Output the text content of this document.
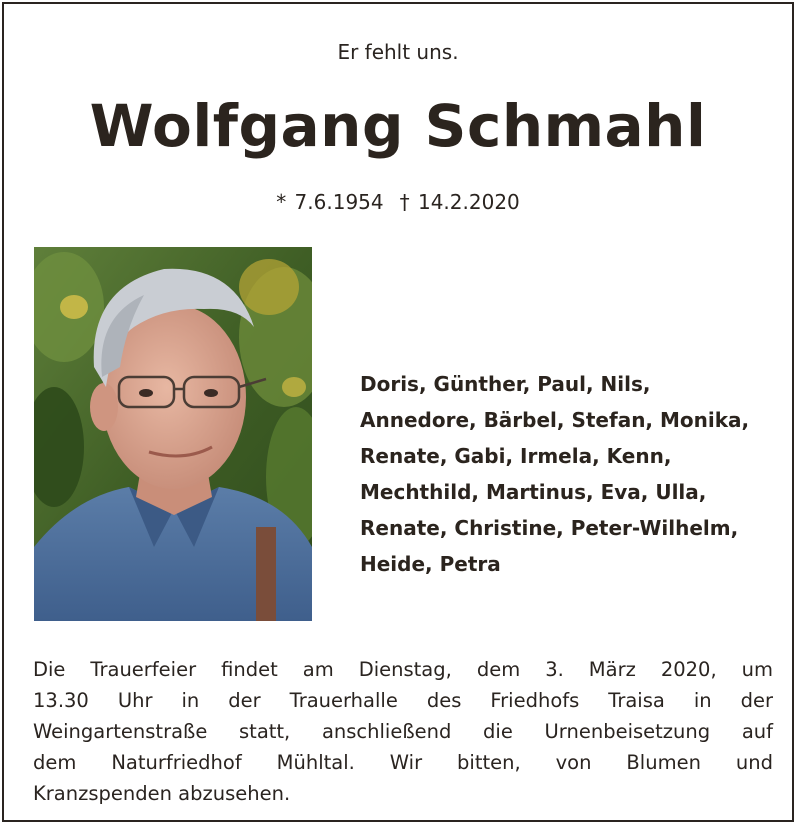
Er fehlt uns.
Wolfgang Schmahl
* 7.6.1954 † 14.2.2020
Doris, Günther, Paul, Nils,
Annedore, Bärbel, Stefan, Monika,
Renate, Gabi, Irmela, Kenn,
Mechthild, Martinus, Eva, Ulla,
Renate, Christine, Peter-Wilhelm,
Heide, Petra
Die Trauerfeier findet am Dienstag, dem 3. März 2020, um
13.30 Uhr in der Trauerhalle des Friedhofs Traisa in der
Weingartenstraße statt, anschließend die Urnenbeisetzung auf
dem Naturfriedhof Mühltal. Wir bitten, von Blumen und
Kranzspenden abzusehen.
